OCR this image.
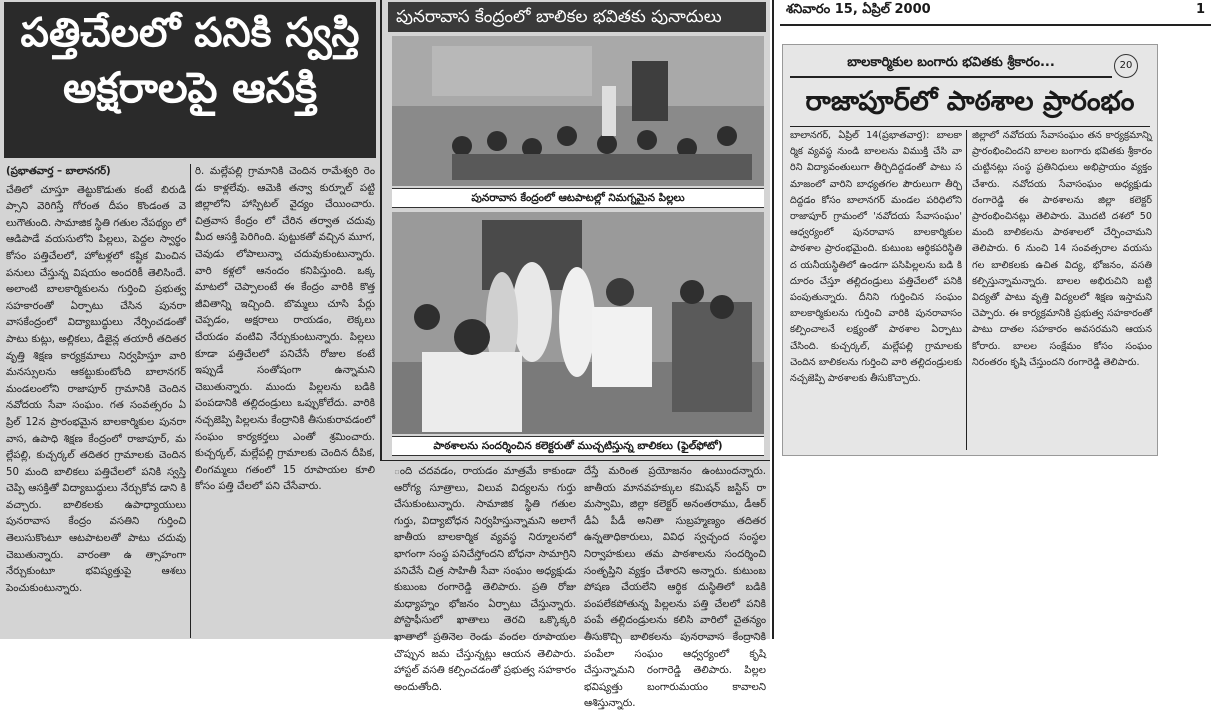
పత్తిచేలలో పనికి స్వస్తి
అక్షరాలపై ఆసక్తి

(ప్రభాతవార్త – బాలానగర్)

చేతిలో చూస్తూ తెట్టుకొడుతు కంటే బిరుడి ప్సాని వెరిగిస్తే గోరంత దీపం కొండంత వె లుగౌతుంది. సామాజిక స్థితి గతుల నేపథ్యం లో ఆడిపాడే వయసులోని పిల్లలు, పెద్దల స్వార్థం కోసం పత్తిచేలలో, హోటళ్లలో కష్టిక మించిన పనులు చేస్తున్న విషయం అందరికీ తెలిసిందే. అలాంటి బాలకార్మికులను గుర్తించి ప్రభుత్వ సహకారంతో ఏర్పాటు చేసిన పునరా వాసకేంద్రంలో విద్యాబుద్ధులు నేర్పించడంతో పాటు కుట్లు, అల్లికలు, డిజైన్ల తయారీ తదితర వృత్తి శిక్షణ కార్యక్రమాలు నిర్వహిస్తూ వారి మనస్సులను ఆకట్టుకుంటోంది బాలానగర్ మండలంలోని రాజాపూర్ గ్రామానికి చెందిన నవోదయ సేవా సంఘం. గత సంవత్సరం ఏ ప్రిల్ 12న ప్రారంభమైన బాలకార్మికుల పునరా వాస, ఉపాధి శిక్షణ కేంద్రంలో రాజాపూర్, మ ల్లేపల్లి, కుచ్చర్కల్ తదితర గ్రామాలకు చెందిన 50 మంది బాలికలు పత్తిచేలలో పనికి స్వస్తి చెప్పి ఆసక్తితో విద్యాబుద్ధులు నేర్చుకోవ డాని కి వచ్చారు. బాలికలకు ఉపాధ్యాయులు పునరావాస కేంద్రం వసతిని గుర్తించి తెలుసుకొంటూ ఆటపాటలతో పాటు చదువు చెబుతున్నారు. వారంతా ఉ త్సాహంగా నేర్చుకుంటూ భవిష్యత్తుపై ఆశలు పెంచుకుంటున్నారు.

రి. మల్లేపల్లి గ్రామానికి చెందిన రామేశ్వరి రెం డు కాళ్లలేవు. ఆమెకి తన్వా కుర్నూల్ పట్టి జిల్లాలోని హాస్పిటల్ వైద్యం చేయించారు. చిత్రవాస కేంద్రం లో చేరిన తర్వాత చదువు మీద ఆసక్తి పెరిగింది. పుట్టుకతో వచ్చిన మూగ, చెవుడు లోపాలున్నా చదువుకుంటున్నారు. వారి కళ్లలో ఆనందం కనిపిస్తుంది. ఒక్క మాటలో చెప్పాలంటే ఈ కేంద్రం వారికి కొత్త జీవితాన్ని ఇచ్చింది. బొమ్మలు చూసి పేర్లు చెప్పడం, అక్షరాలు రాయడం, లెక్కలు చేయడం వంటివి నేర్చుకుంటున్నారు. పిల్లలు కూడా పత్తిచేలలో పనిచేసే రోజుల కంటే ఇప్పుడే సంతోషంగా ఉన్నామని చెబుతున్నారు. ముందు పిల్లలను బడికి పంపడానికి తల్లిదండ్రులు ఒప్పుకోలేదు. వారికి నచ్చజెప్పి పిల్లలను కేంద్రానికి తీసుకురావడంలో సంఘం కార్యకర్తలు ఎంతో శ్రమించారు. కుచ్చర్కల్, మల్లేపల్లి గ్రామాలకు చెందిన దీపిక, లింగమ్మలు గతంలో 15 రూపాయల కూలి కోసం పత్తి చేలలో పని చేసేవారు.

పునరావాస కేంద్రంలో బాలికల భవితకు పునాదులు
పునరావాస కేంద్రంలో ఆటపాటల్లో నిమగ్నమైన పిల్లలు
పాఠశాలను సందర్శించిన కలెక్టరుతో ముచ్చటిస్తున్న బాలికలు (ఫైల్‌ఫోటో)

ంది చదవడం, రాయడం మాత్రమే కాకుండా ఆరోగ్య సూత్రాలు, విలువ విద్యలను గుర్తు చేసుకుంటున్నారు. సామాజిక స్థితి గతుల గుర్తు, విద్యాబోధన నిర్వహిస్తున్నామని అలాగే జాతీయ బాలకార్మిక వ్యవస్థ నిర్మూలనలో భాగంగా సంస్థ పనిచేస్తోందని బోధనా సామాగ్రిని పనిచేసే చిత్ర సాహితీ సేవా సంఘం అధ్యక్షుడు కుబుంబ రంగారెడ్డి తెలిపారు. ప్రతి రోజు మధ్యాహ్నం భోజనం ఏర్పాటు చేస్తున్నారు. పోస్టాఫీసులో ఖాతాలు తెరచి ఒక్కొక్కరి ఖాతాలో ప్రతినెల రెండు వందల రూపాయల చొప్పున జమ చేస్తున్నట్లు ఆయన తెలిపారు. హాస్టల్ వసతి కల్పించడంతో ప్రభుత్వ సహకారం అందుతోంది.

దేస్తే మరింత ప్రయోజనం ఉంటుందన్నారు. జాతీయ మానవహక్కుల కమిషన్ జస్టిస్ రా మస్వామి, జిల్లా కలెక్టర్ అనంతరాము, డీఆర్ డీఏ పీడీ అనితా సుబ్రహ్మణ్యం తదితర ఉన్నతాధికారులు, వివిధ స్వచ్ఛంద సంస్థల నిర్వాహకులు తమ పాఠశాలను సందర్శించి సంతృప్తిని వ్యక్తం చేశారని అన్నారు. కుటుంబ పోషణ చేయలేని ఆర్థిక దుస్థితిలో బడికి పంపలేకపోతున్న పిల్లలను పత్తి చేలలో పనికి పంపే తల్లిదండ్రులను కలిసి వారిలో చైతన్యం తీసుకొచ్చి బాలికలను పునరావాస కేంద్రానికి పంపేలా సంఘం ఆధ్వర్యంలో కృషి చేస్తున్నామని రంగారెడ్డి తెలిపారు. పిల్లల భవిష్యత్తు బంగారుమయం కావాలని ఆశిస్తున్నారు.

శనివారం 15, ఏప్రిల్ 2000	1
బాలకార్మికుల బంగారు భవితకు శ్రీకారం...	20
రాజాపూర్‌లో పాఠశాల ప్రారంభం

బాలానగర్, ఏప్రిల్ 14(ప్రభాతవార్త): బాలకా ర్మిక వ్యవస్థ నుండి బాలలను విముక్తి చేసి వా రిని విద్యావంతులుగా తీర్చిదిద్దడంతో పాటు స మాజంలో వారిని బాధ్యతగల పౌరులుగా తీర్చి దిద్దడం కోసం బాలానగర్ మండల పరిధిలోని రాజాపూర్ గ్రామంలో 'నవోదయ సేవాసంఘం' ఆధ్వర్యంలో పునరావాస బాలకార్మికుల పాఠశాల ప్రారంభమైంది. కుటుంబ ఆర్థికపరిస్థితి ద యనీయస్థితిలో ఉండగా పసిపిల్లలను బడి కి దూరం చేస్తూ తల్లిదండ్రులు పత్తిచేలలో పనికి పంపుతున్నారు. దీనిని గుర్తించిన సంఘం బాలకార్మికులను గుర్తించి వారికి పునరావాసం కల్పించాలనే లక్ష్యంతో పాఠశాల ఏర్పాటు చేసింది. కుచ్చర్కల్, మల్లేపల్లి గ్రామాలకు చెందిన బాలికలను గుర్తించి వారి తల్లిదండ్రులకు నచ్చజెప్పి పాఠశాలకు తీసుకొచ్చారు.

జిల్లాలో నవోదయ సేవాసంఘం తన కార్యక్రమాన్ని ప్రారంభించిందని బాలల బంగారు భవితకు శ్రీకారం చుట్టినట్లు సంస్థ ప్రతినిధులు అభిప్రాయం వ్యక్తం చేశారు. నవోదయ సేవాసంఘం అధ్యక్షుడు రంగారెడ్డి ఈ పాఠశాలను జిల్లా కలెక్టర్ ప్రారంభించినట్లు తెలిపారు. మొదటి దశలో 50 మంది బాలికలను పాఠశాలలో చేర్పించామని తెలిపారు. 6 నుంచి 14 సంవత్సరాల వయసు గల బాలికలకు ఉచిత విద్య, భోజనం, వసతి కల్పిస్తున్నామన్నారు. బాలల అభిరుచిని బట్టి విద్యతో పాటు వృత్తి విద్యలలో శిక్షణ ఇస్తామని చెప్పారు. ఈ కార్యక్రమానికి ప్రభుత్వ సహకారంతో పాటు దాతల సహకారం అవసరమని ఆయన కోరారు. బాలల సంక్షేమం కోసం సంఘం నిరంతరం కృషి చేస్తుందని రంగారెడ్డి తెలిపారు.
